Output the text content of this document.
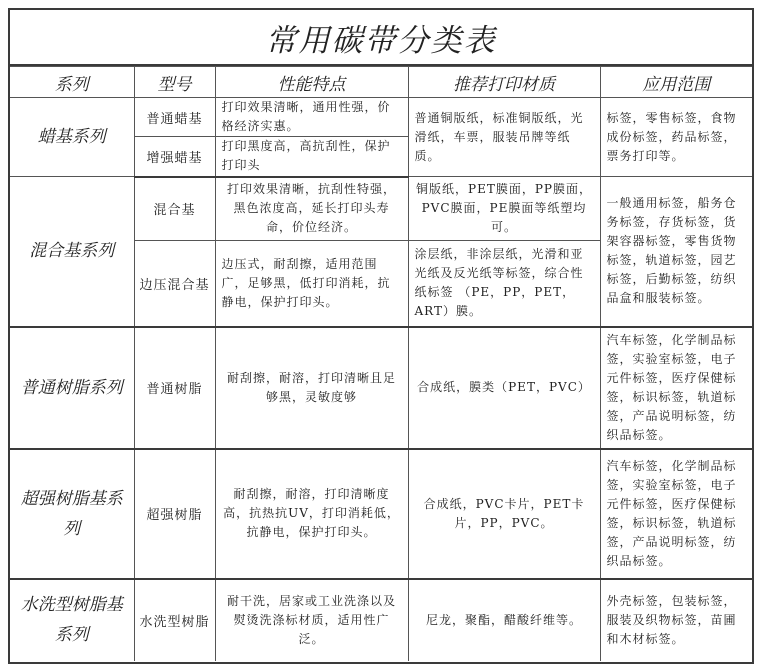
常用碳带分类表
系列	型号	性能特点	推荐打印材质	应用范围
蜡基系列	普通蜡基	打印效果清晰，通用性强，价格经济实惠。	普通铜版纸，标准铜版纸，光滑纸，车票，服装吊牌等纸质。	标签，零售标签，食物成份标签，药品标签，票务打印等。
	增强蜡基	打印黑度高，高抗刮性，保护打印头		
混合基系列	混合基	打印效果清晰，抗刮性特强，黑色浓度高，延长打印头寿命，价位经济。	铜版纸，PET膜面，PP膜面，PVC膜面，PE膜面等纸塑均可。	一般通用标签，船务仓务标签，存货标签，货架容器标签，零售货物标签，轨道标签，园艺标签，后勤标签，纺织品盒和服装标签。
	边压混合基	边压式，耐刮擦，适用范围广，足够黑，低打印消耗，抗静电，保护打印头。	涂层纸，非涂层纸，光滑和亚光纸及反光纸等标签，综合性纸标签 （PE，PP，PET，ART）膜。	
普通树脂系列	普通树脂	耐刮擦，耐溶，打印清晰且足够黑，灵敏度够	合成纸，膜类（PET，PVC）	汽车标签，化学制品标签，实验室标签，电子元件标签，医疗保健标签，标识标签，轨道标签，产品说明标签，纺织品标签。
超强树脂基系列	超强树脂	耐刮擦，耐溶，打印清晰度高，抗热抗UV，打印消耗低，抗静电，保护打印头。	合成纸，PVC卡片，PET卡片，PP，PVC。	汽车标签，化学制品标签，实验室标签，电子元件标签，医疗保健标签，标识标签，轨道标签，产品说明标签，纺织品标签。
水洗型树脂基系列	水洗型树脂	耐干洗，居家或工业洗涤以及熨烫洗涤标材质，适用性广泛。	尼龙，聚酯，醋酸纤维等。	外壳标签，包装标签，服装及织物标签，苗圃和木材标签。
